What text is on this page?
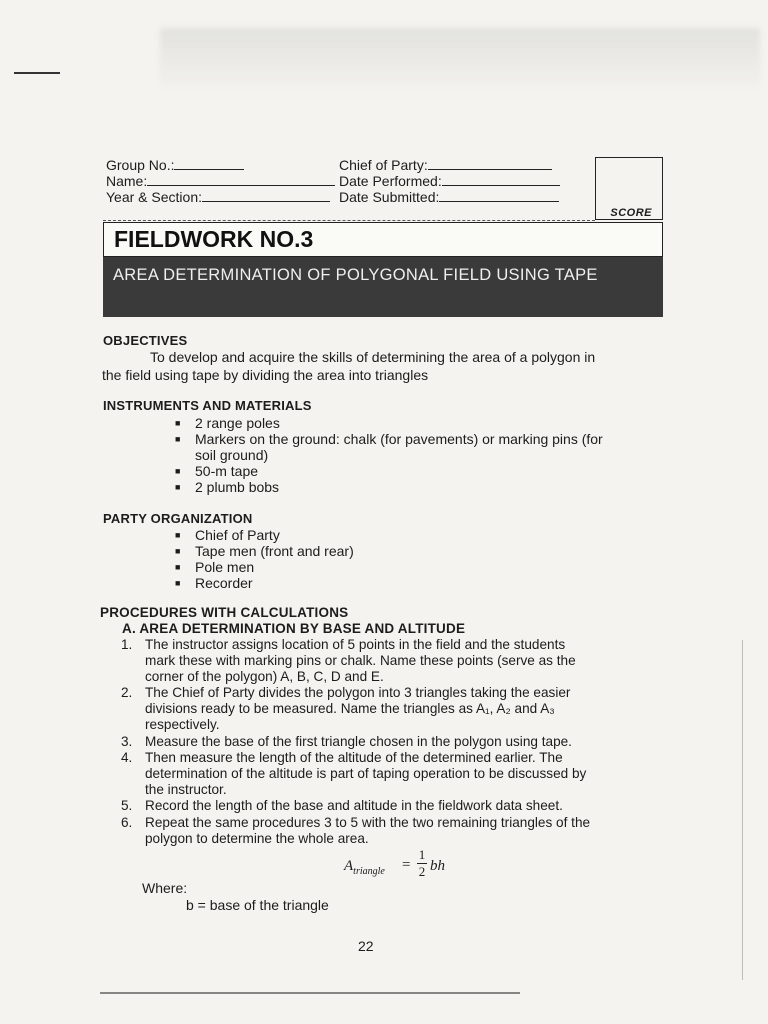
Group No.:
Name:
Year & Section:
Chief of Party:
Date Performed:
Date Submitted:
SCORE
FIELDWORK NO.3
AREA DETERMINATION OF POLYGONAL FIELD USING TAPE
OBJECTIVES
To develop and acquire the skills of determining the area of a polygon in
the field using tape by dividing the area into triangles
INSTRUMENTS AND MATERIALS
■ 2 range poles
■ Markers on the ground: chalk (for pavements) or marking pins (for
soil ground)
■ 50-m tape
■ 2 plumb bobs
PARTY ORGANIZATION
■ Chief of Party
■ Tape men (front and rear)
■ Pole men
■ Recorder
PROCEDURES WITH CALCULATIONS
A. AREA DETERMINATION BY BASE AND ALTITUDE
1. The instructor assigns location of 5 points in the field and the students
mark these with marking pins or chalk. Name these points (serve as the
corner of the polygon) A, B, C, D and E.
2. The Chief of Party divides the polygon into 3 triangles taking the easier
divisions ready to be measured. Name the triangles as A₁, A₂ and A₃
respectively.
3. Measure the base of the first triangle chosen in the polygon using tape.
4. Then measure the length of the altitude of the determined earlier. The
determination of the altitude is part of taping operation to be discussed by
the instructor.
5. Record the length of the base and altitude in the fieldwork data sheet.
6. Repeat the same procedures 3 to 5 with the two remaining triangles of the
polygon to determine the whole area.
$A_{triangle}$ =
1
2 bh
Where:
b = base of the triangle
22
